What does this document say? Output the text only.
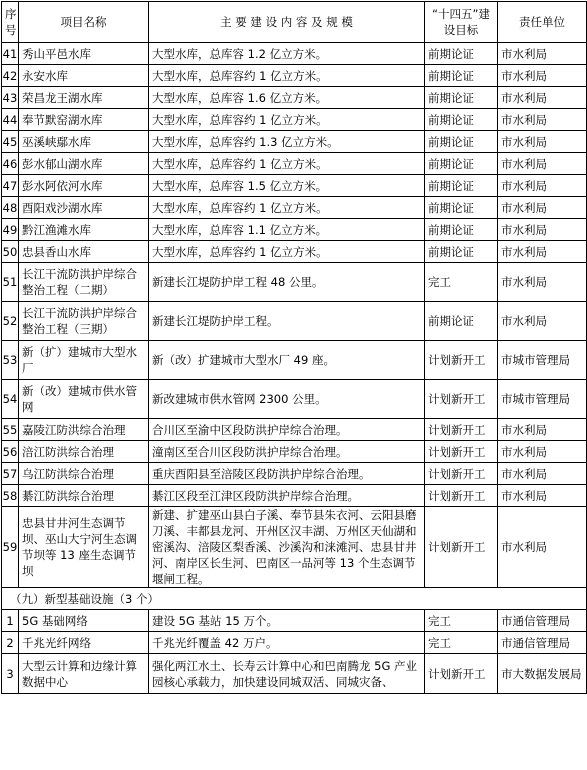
序号	项目名称	主 要 建 设 内 容 及 规 模	“十四五”建设目标	责任单位
41	秀山平邑水库	大型水库，总库容 1.2 亿立方米。	前期论证	市水利局
42	永安水库	大型水库，总库容约 1 亿立方米。	前期论证	市水利局
43	荣昌龙王湖水库	大型水库，总库容 1.6 亿立方米。	前期论证	市水利局
44	奉节默窑湖水库	大型水库，总库容约 1 亿立方米。	前期论证	市水利局
45	巫溪峡鄢水库	大型水库，总库容约 1.3 亿立方米。	前期论证	市水利局
46	彭水郁山湖水库	大型水库，总库容约 1 亿立方米。	前期论证	市水利局
47	彭水阿依河水库	大型水库，总库容 1.5 亿立方米。	前期论证	市水利局
48	酉阳戏沙湖水库	大型水库，总库容约 1 亿立方米。	前期论证	市水利局
49	黔江渔滩水库	大型水库，总库容 1.1 亿立方米。	前期论证	市水利局
50	忠县香山水库	大型水库，总库容约 1 亿立方米。	前期论证	市水利局
51	长江干流防洪护岸综合整治工程（二期）	新建长江堤防护岸工程 48 公里。	完工	市水利局
52	长江干流防洪护岸综合整治工程（三期）	新建长江堤防护岸工程。	前期论证	市水利局
53	新（扩）建城市大型水厂	新（改）扩建城市大型水厂 49 座。	计划新开工	市城市管理局
54	新（改）建城市供水管网	新改建城市供水管网 2300 公里。	计划新开工	市城市管理局
55	嘉陵江防洪综合治理	合川区至渝中区段防洪护岸综合治理。	计划新开工	市水利局
56	涪江防洪综合治理	潼南区至合川区段防洪护岸综合治理。	计划新开工	市水利局
57	乌江防洪综合治理	重庆酉阳县至涪陵区段防洪护岸综合治理。	计划新开工	市水利局
58	綦江防洪综合治理	綦江区段至江津区段防洪护岸综合治理。	计划新开工	市水利局
59	忠县甘井河生态调节坝、巫山大宁河生态调节坝等 13 座生态调节坝	新建、扩建巫山县白子溪、奉节县朱衣河、云阳县磨刀溪、丰都县龙河、开州区汉丰湖、万州区天仙湖和密溪沟、涪陵区梨香溪、沙溪沟和涞滩河、忠县甘井河、南岸区长生河、巴南区一品河等 13 个生态调节堰闸工程。	计划新开工	市水利局
（九）新型基础设施（3 个）				
1	5G 基础网络	建设 5G 基站 15 万个。	完工	市通信管理局
2	千兆光纤网络	千兆光纤覆盖 42 万户。	完工	市通信管理局
3	大型云计算和边缘计算数据中心	强化两江水土、长寿云计算中心和巴南腾龙 5G 产业园核心承载力，加快建设同城双活、同城灾备、	计划新开工	市大数据发展局
